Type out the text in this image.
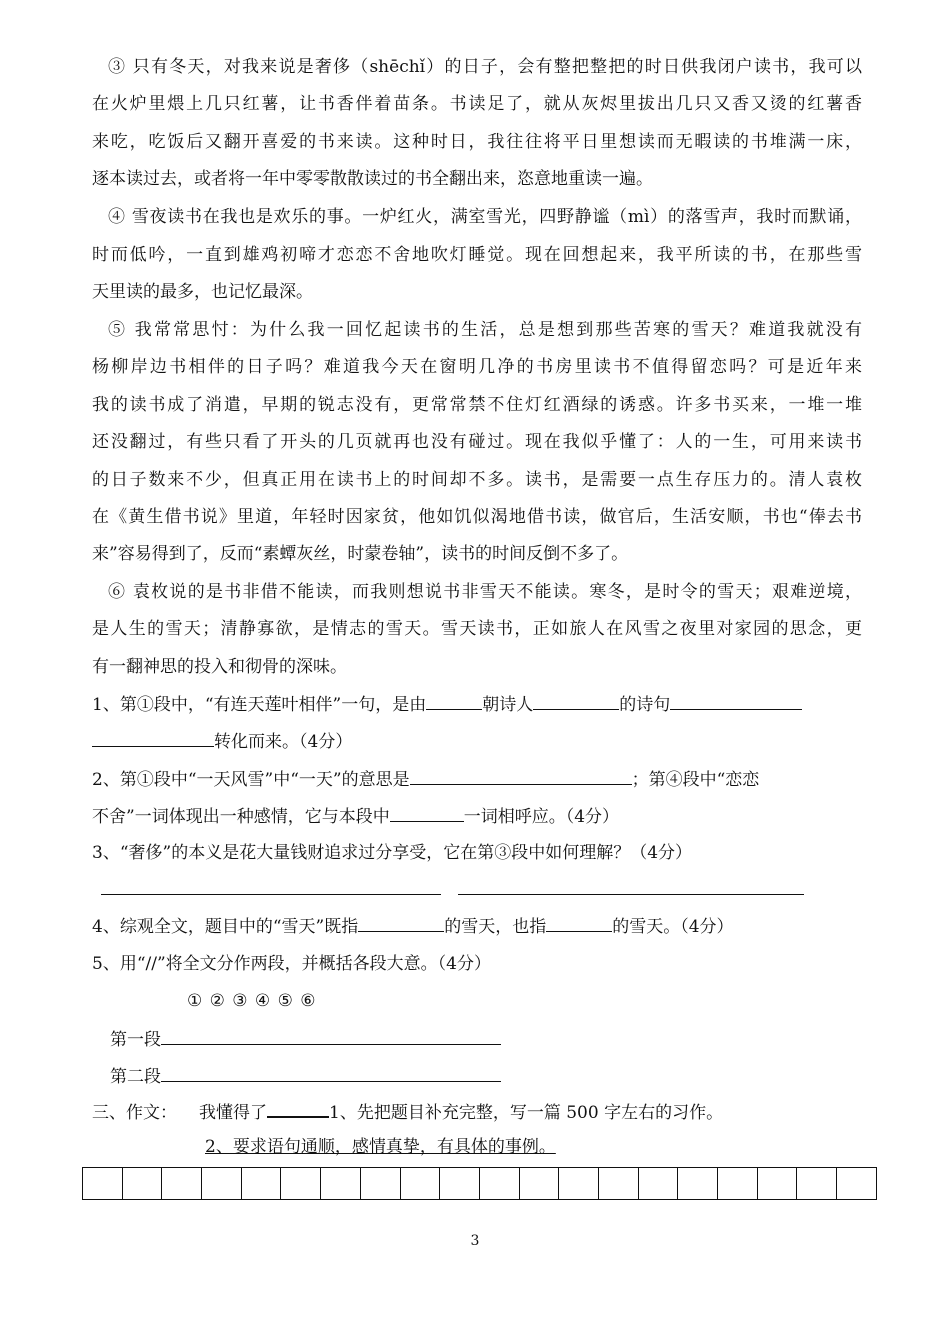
③ 只有冬天，对我来说是奢侈（shēchǐ）的日子，会有整把整把的时日供我闭户读书，我可以
在火炉里煨上几只红薯，让书香伴着苗条。书读足了，就从灰烬里拔出几只又香又烫的红薯香
来吃，吃饭后又翻开喜爱的书来读。这种时日，我往往将平日里想读而无暇读的书堆满一床，
逐本读过去，或者将一年中零零散散读过的书全翻出来，恣意地重读一遍。
④ 雪夜读书在我也是欢乐的事。一炉红火，满室雪光，四野静谧（mì）的落雪声，我时而默诵，
时而低吟，一直到雄鸡初啼才恋恋不舍地吹灯睡觉。现在回想起来，我平所读的书，在那些雪
天里读的最多，也记忆最深。
⑤ 我常常思忖：为什么我一回忆起读书的生活，总是想到那些苦寒的雪天？难道我就没有
杨柳岸边书相伴的日子吗？难道我今天在窗明几净的书房里读书不值得留恋吗？可是近年来
我的读书成了消遣，早期的锐志没有，更常常禁不住灯红酒绿的诱惑。许多书买来，一堆一堆
还没翻过，有些只看了开头的几页就再也没有碰过。现在我似乎懂了：人的一生，可用来读书
的日子数来不少，但真正用在读书上的时间却不多。读书，是需要一点生存压力的。清人袁枚
在《黄生借书说》里道，年轻时因家贫，他如饥似渴地借书读，做官后，生活安顺，书也“俸去书
来”容易得到了，反而“素蟫灰丝，时蒙卷轴”，读书的时间反倒不多了。
⑥ 袁枚说的是书非借不能读，而我则想说书非雪天不能读。寒冬，是时令的雪天；艰难逆境，
是人生的雪天；清静寡欲，是情志的雪天。雪天读书，正如旅人在风雪之夜里对家园的思念，更
有一翻神思的投入和彻骨的深味。
1、第①段中，“有连天莲叶相伴”一句，是由	朝诗人	的诗句
转化而来。（4分）
2、第①段中“一天风雪”中“一天”的意思是	；第④段中“恋恋
不舍”一词体现出一种感情，它与本段中	一词相呼应。（4分）
3、“奢侈”的本义是花大量钱财追求过分享受，它在第③段中如何理解？（4分）
4、综观全文，题目中的“雪天”既指	的雪天，也指	的雪天。（4分）
5、用“//”将全文分作两段，并概括各段大意。（4分）
① ② ③ ④ ⑤ ⑥
第一段
第二段
三、作文： 我懂得了	1、先把题目补充完整，写一篇 500 字左右的习作。
2、要求语句通顺，感情真挚，有具体的事例。
3
